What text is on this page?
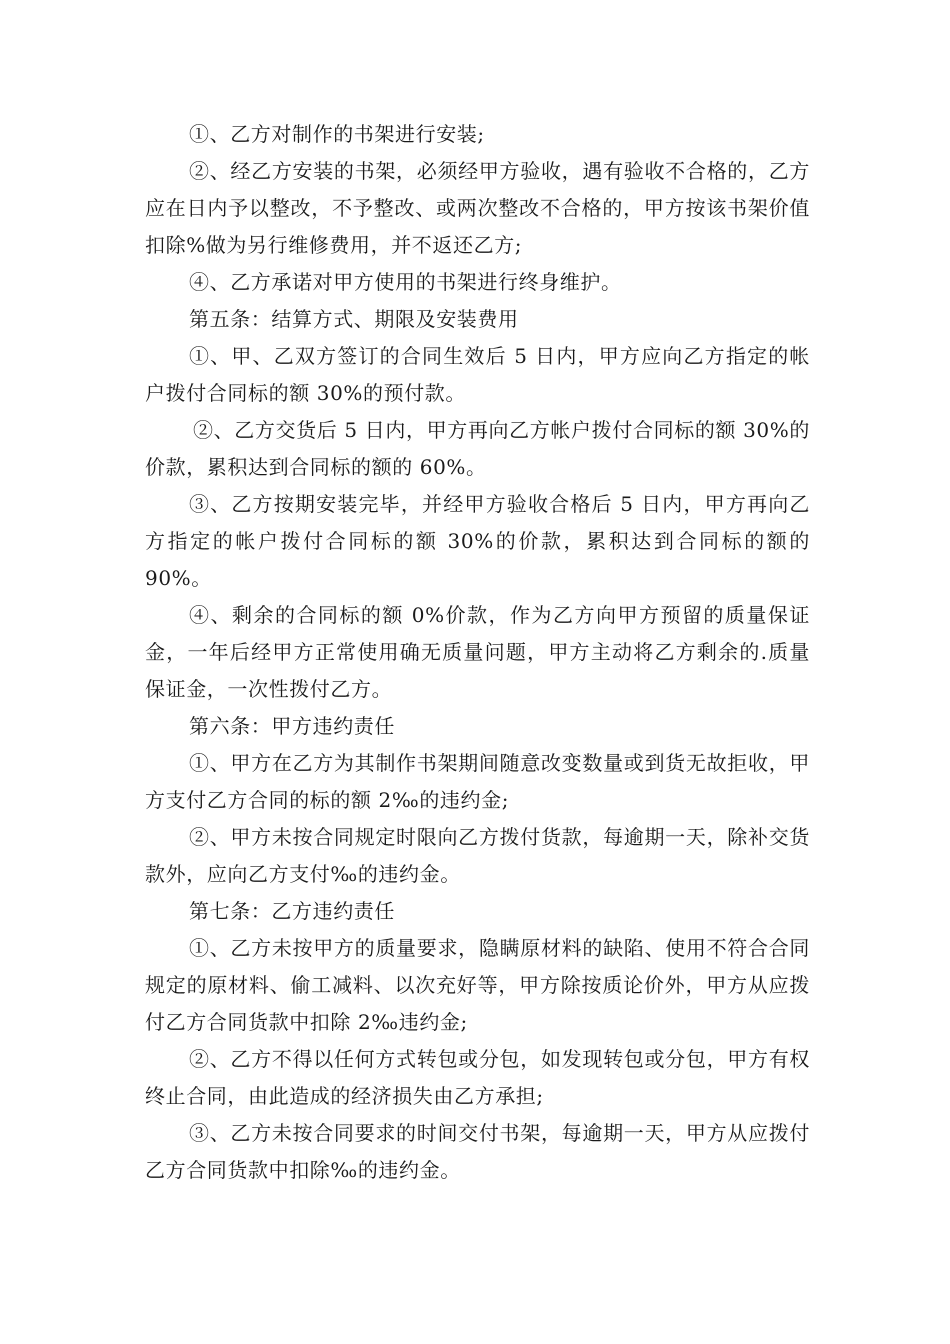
①、乙方对制作的书架进行安装;

②、经乙方安装的书架，必须经甲方验收，遇有验收不合格的，乙方应在日内予以整改，不予整改、或两次整改不合格的，甲方按该书架价值扣除%做为另行维修费用，并不返还乙方;

④、乙方承诺对甲方使用的书架进行终身维护。

第五条：结算方式、期限及安装费用

①、甲、乙双方签订的合同生效后 5 日内，甲方应向乙方指定的帐户拨付合同标的额 30%的预付款。

②、乙方交货后 5 日内，甲方再向乙方帐户拨付合同标的额 30%的价款，累积达到合同标的额的 60%。

③、乙方按期安装完毕，并经甲方验收合格后 5 日内，甲方再向乙方指定的帐户拨付合同标的额 30%的价款，累积达到合同标的额的 90%。

④、剩余的合同标的额 0%价款，作为乙方向甲方预留的质量保证金，一年后经甲方正常使用确无质量问题，甲方主动将乙方剩余的.质量保证金，一次性拨付乙方。

第六条：甲方违约责任

①、甲方在乙方为其制作书架期间随意改变数量或到货无故拒收，甲方支付乙方合同的标的额 2‰的违约金;

②、甲方未按合同规定时限向乙方拨付货款，每逾期一天，除补交货款外，应向乙方支付‰的违约金。

第七条：乙方违约责任

①、乙方未按甲方的质量要求，隐瞒原材料的缺陷、使用不符合合同规定的原材料、偷工减料、以次充好等，甲方除按质论价外，甲方从应拨付乙方合同货款中扣除 2‰违约金;

②、乙方不得以任何方式转包或分包，如发现转包或分包，甲方有权终止合同，由此造成的经济损失由乙方承担;

③、乙方未按合同要求的时间交付书架，每逾期一天，甲方从应拨付乙方合同货款中扣除‰的违约金。
